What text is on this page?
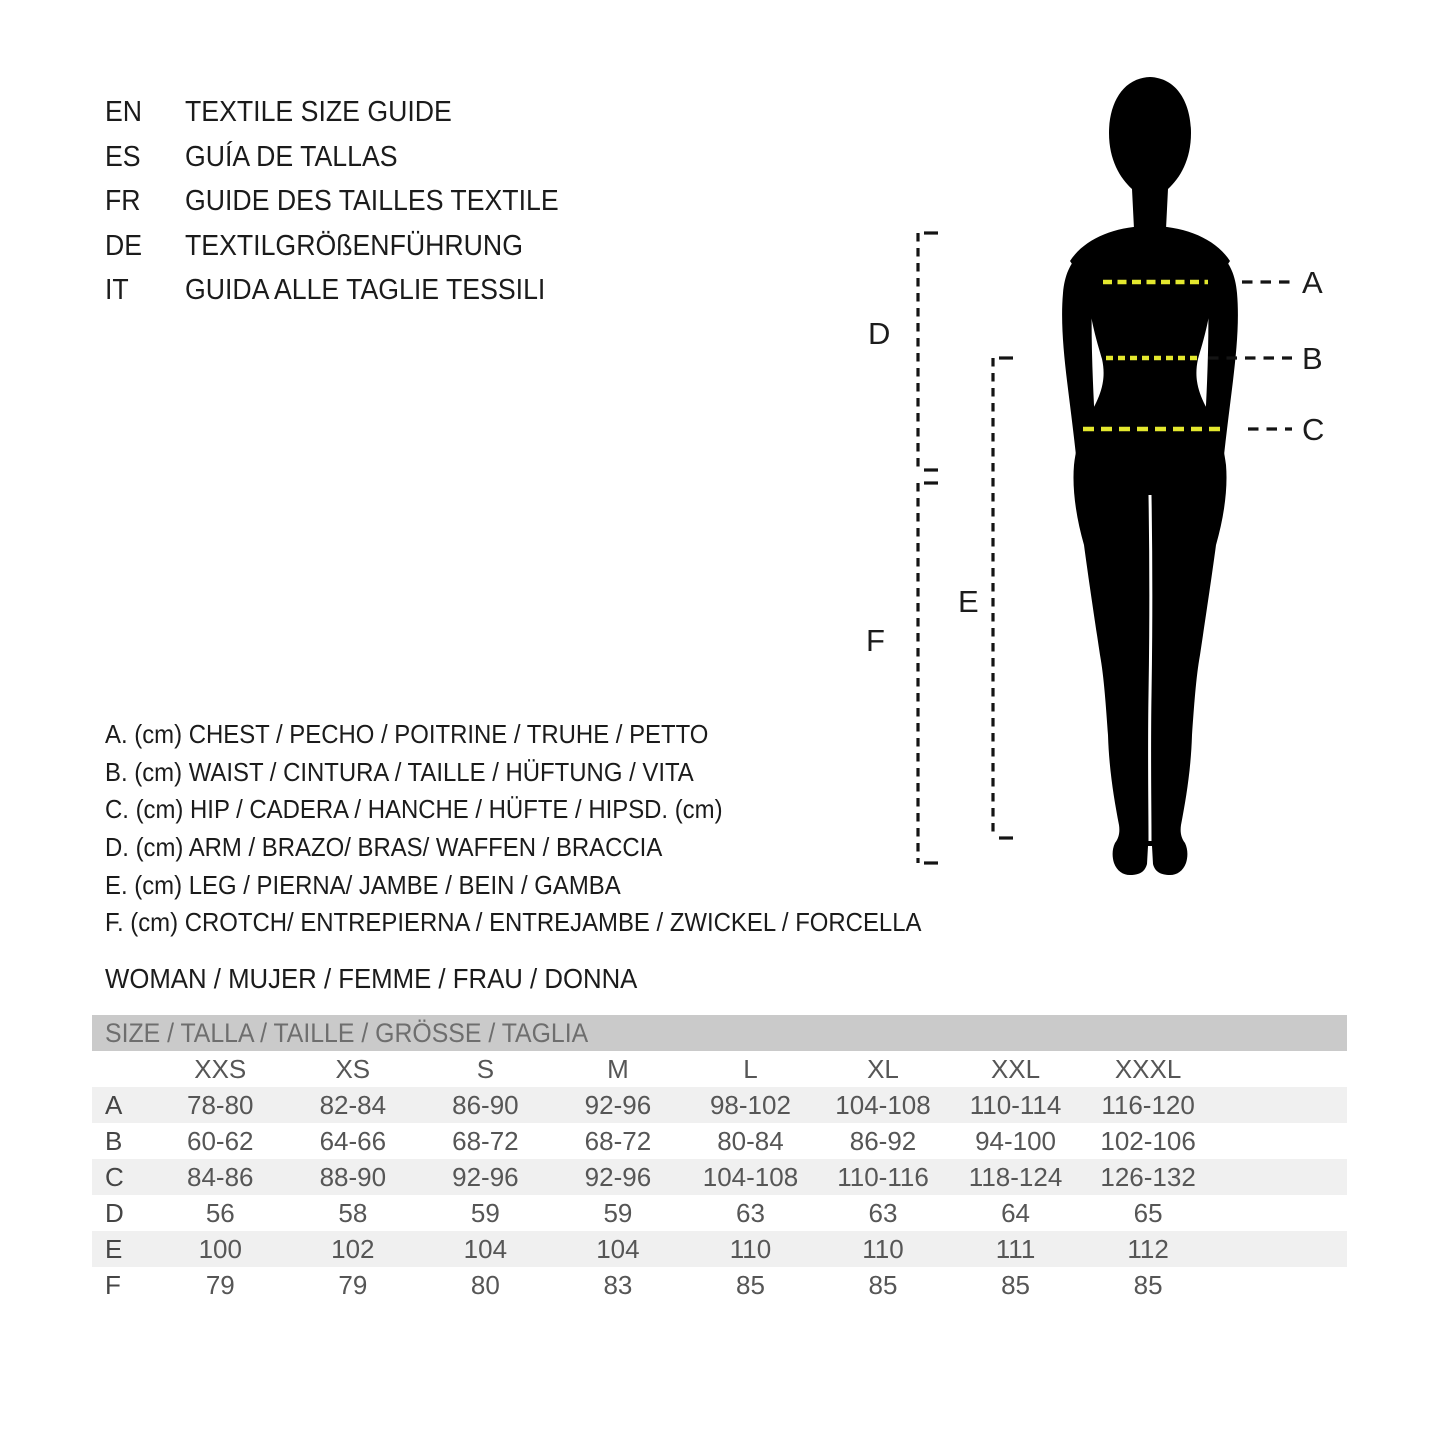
EN TEXTILE SIZE GUIDE
ES GUÍA DE TALLAS
FR GUIDE DES TAILLES TEXTILE
DE TEXTILGRÖßENFÜHRUNG
IT GUIDA ALLE TAGLIE TESSILI	A
B
C
D
E
F
A. (cm) CHEST / PECHO / POITRINE / TRUHE / PETTO
B. (cm) WAIST / CINTURA / TAILLE / HÜFTUNG / VITA
C. (cm) HIP / CADERA / HANCHE / HÜFTE / HIPSD. (cm)
D. (cm) ARM / BRAZO/ BRAS/ WAFFEN / BRACCIA
E. (cm) LEG / PIERNA/ JAMBE / BEIN / GAMBA
F. (cm) CROTCH/ ENTREPIERNA / ENTREJAMBE / ZWICKEL / FORCELLA
WOMAN / MUJER / FEMME / FRAU / DONNA
SIZE / TALLA / TAILLE / GRÖSSE / TAGLIA
	XXS	XS	S	M	L	XL	XXL	XXXL	
A	78-80	82-84	86-90	92-96	98-102	104-108	110-114	116-120	
B	60-62	64-66	68-72	68-72	80-84	86-92	94-100	102-106	
C	84-86	88-90	92-96	92-96	104-108	110-116	118-124	126-132	
D	56	58	59	59	63	63	64	65	
E	100	102	104	104	110	110	111	112	
F	79	79	80	83	85	85	85	85	
